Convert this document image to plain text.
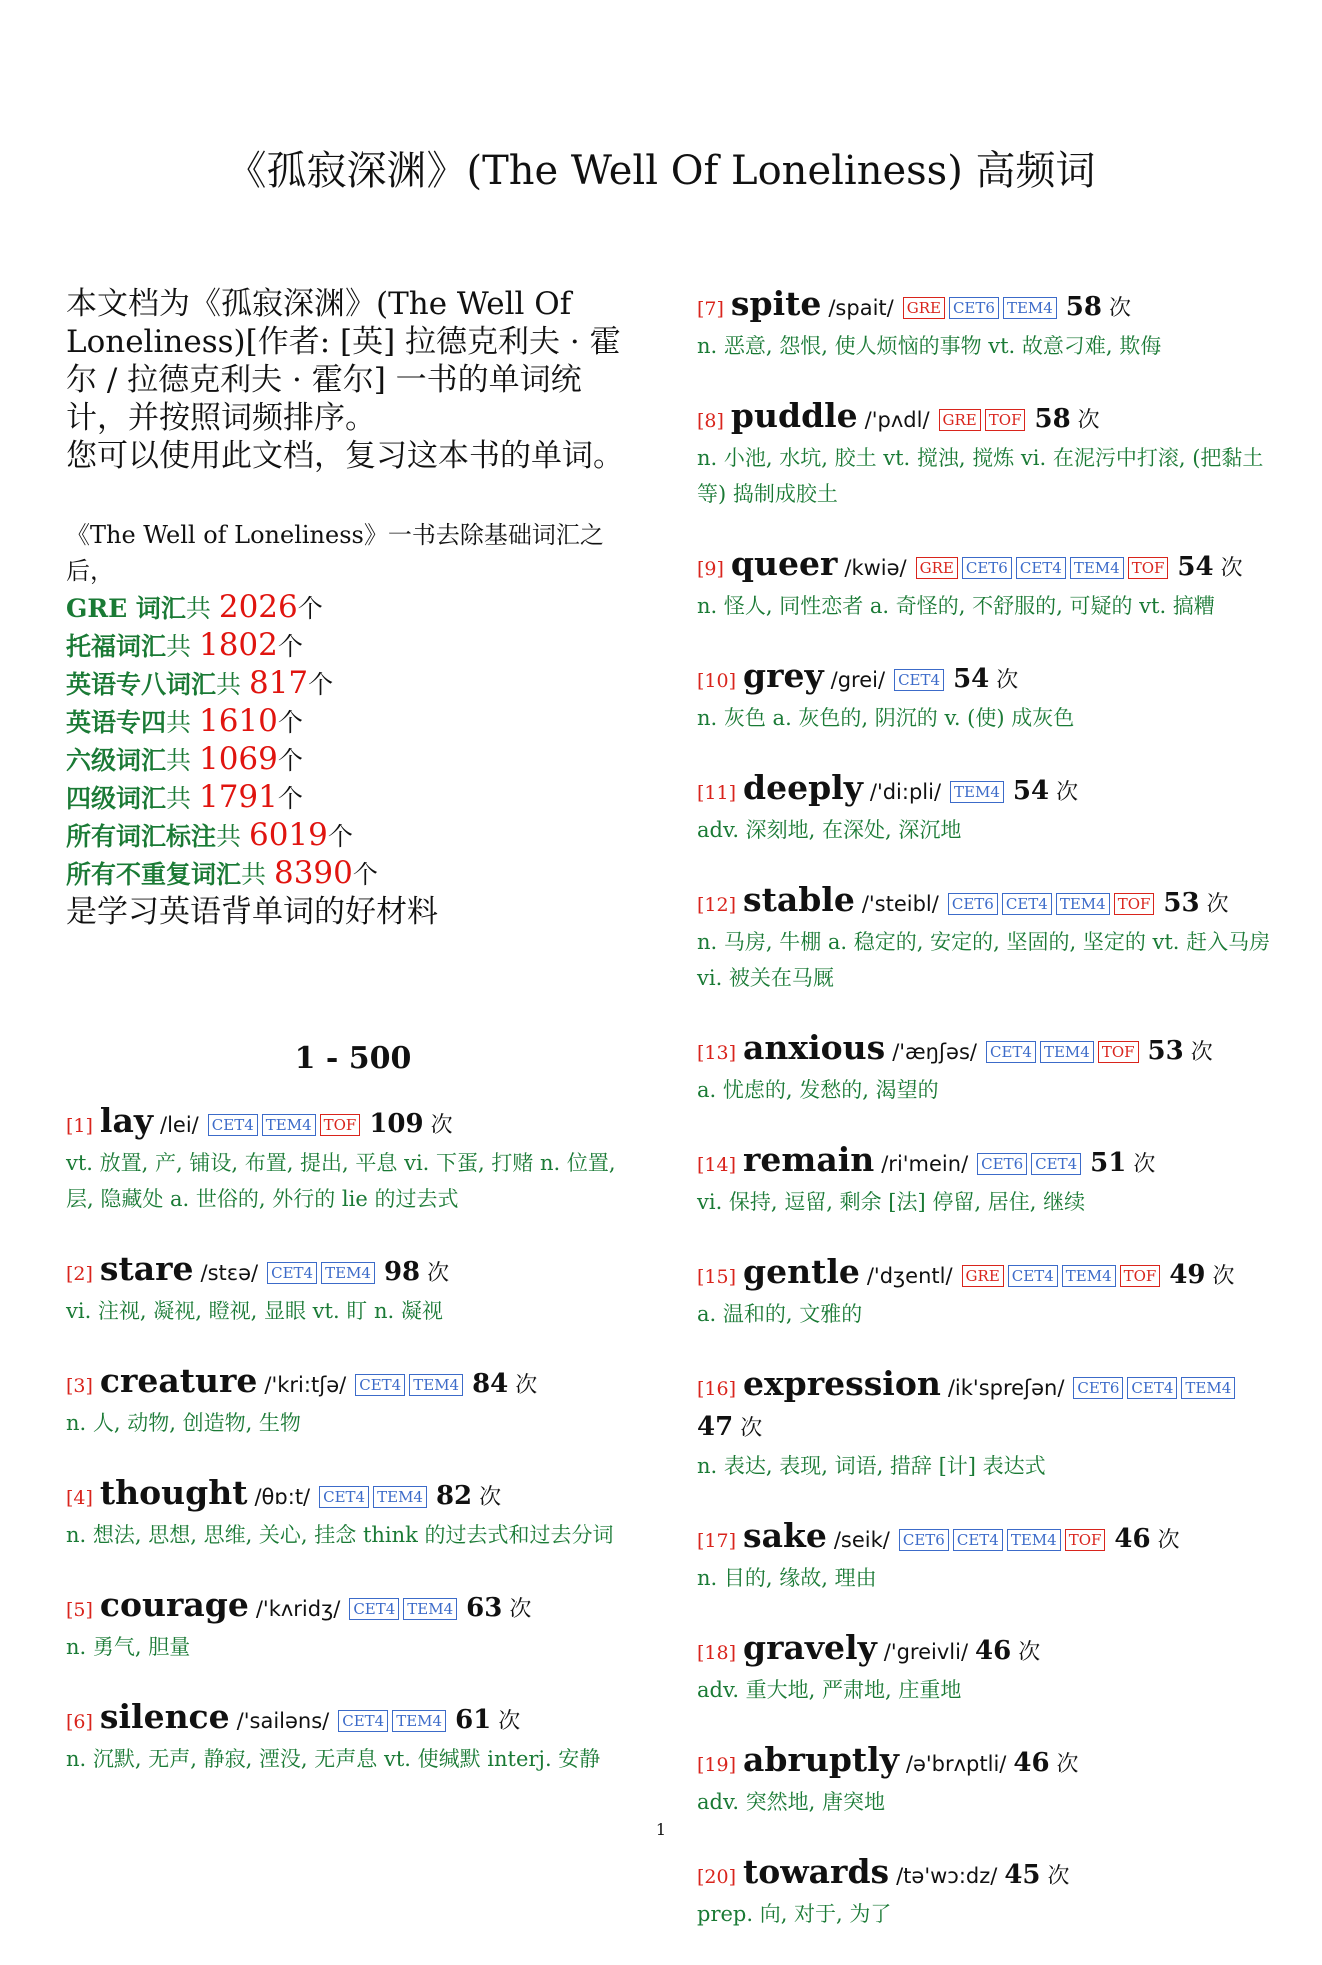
《孤寂深渊》(The Well Of Loneliness) 高频词

本文档为《孤寂深渊》(The Well Of Loneliness)[作者: [英] 拉德克利夫 · 霍尔 / 拉德克利夫 · 霍尔] 一书的单词统计，并按照词频排序。

您可以使用此文档，复习这本书的单词。

《The Well of Loneliness》一书去除基础词汇之后，

GRE 词汇共 2026个

托福词汇共 1802个

英语专八词汇共 817个

英语专四共 1610个

六级词汇共 1069个

四级词汇共 1791个

所有词汇标注共 6019个

所有不重复词汇共 8390个

是学习英语背单词的好材料

1 - 500
[1] lay /lei/ CET4 TEM4 TOF 109 次

vt. 放置, 产, 铺设, 布置, 提出, 平息 vi. 下蛋, 打赌 n. 位置, 层, 隐藏处 a. 世俗的, 外行的 lie 的过去式

[2] stare /stɛə/ CET4 TEM4 98 次

vi. 注视, 凝视, 瞪视, 显眼 vt. 盯 n. 凝视

[3] creature /'kri:tʃə/ CET4 TEM4 84 次

n. 人, 动物, 创造物, 生物

[4] thought /θɒ:t/ CET4 TEM4 82 次

n. 想法, 思想, 思维, 关心, 挂念 think 的过去式和过去分词

[5] courage /'kʌridʒ/ CET4 TEM4 63 次

n. 勇气, 胆量

[6] silence /'sailəns/ CET4 TEM4 61 次

n. 沉默, 无声, 静寂, 湮没, 无声息 vt. 使缄默 interj. 安静

[7] spite /spait/ GRE CET6 TEM4 58 次

n. 恶意, 怨恨, 使人烦恼的事物 vt. 故意刁难, 欺侮

[8] puddle /'pʌdl/ GRE TOF 58 次

n. 小池, 水坑, 胶土 vt. 搅浊, 搅炼 vi. 在泥污中打滚, (把黏土等) 捣制成胶土

[9] queer /kwiə/ GRE CET6 CET4 TEM4 TOF 54 次

n. 怪人, 同性恋者 a. 奇怪的, 不舒服的, 可疑的 vt. 搞糟

[10] grey /grei/ CET4 54 次

n. 灰色 a. 灰色的, 阴沉的 v. (使) 成灰色

[11] deeply /'di:pli/ TEM4 54 次

adv. 深刻地, 在深处, 深沉地

[12] stable /'steibl/ CET6 CET4 TEM4 TOF 53 次

n. 马房, 牛棚 a. 稳定的, 安定的, 坚固的, 坚定的 vt. 赶入马房 vi. 被关在马厩

[13] anxious /'æŋʃəs/ CET4 TEM4 TOF 53 次

a. 忧虑的, 发愁的, 渴望的

[14] remain /ri'mein/ CET6 CET4 51 次

vi. 保持, 逗留, 剩余 [法] 停留, 居住, 继续

[15] gentle /'dʒentl/ GRE CET4 TEM4 TOF 49 次

a. 温和的, 文雅的

[16] expression /ik'spreʃən/ CET6 CET4 TEM4 47 次

n. 表达, 表现, 词语, 措辞 [计] 表达式

[17] sake /seik/ CET6 CET4 TEM4 TOF 46 次

n. 目的, 缘故, 理由

[18] gravely /'greivli/ 46 次

adv. 重大地, 严肃地, 庄重地

[19] abruptly /ə'brʌptli/ 46 次

adv. 突然地, 唐突地

[20] towards /tə'wɔ:dz/ 45 次

prep. 向, 对于, 为了

1
